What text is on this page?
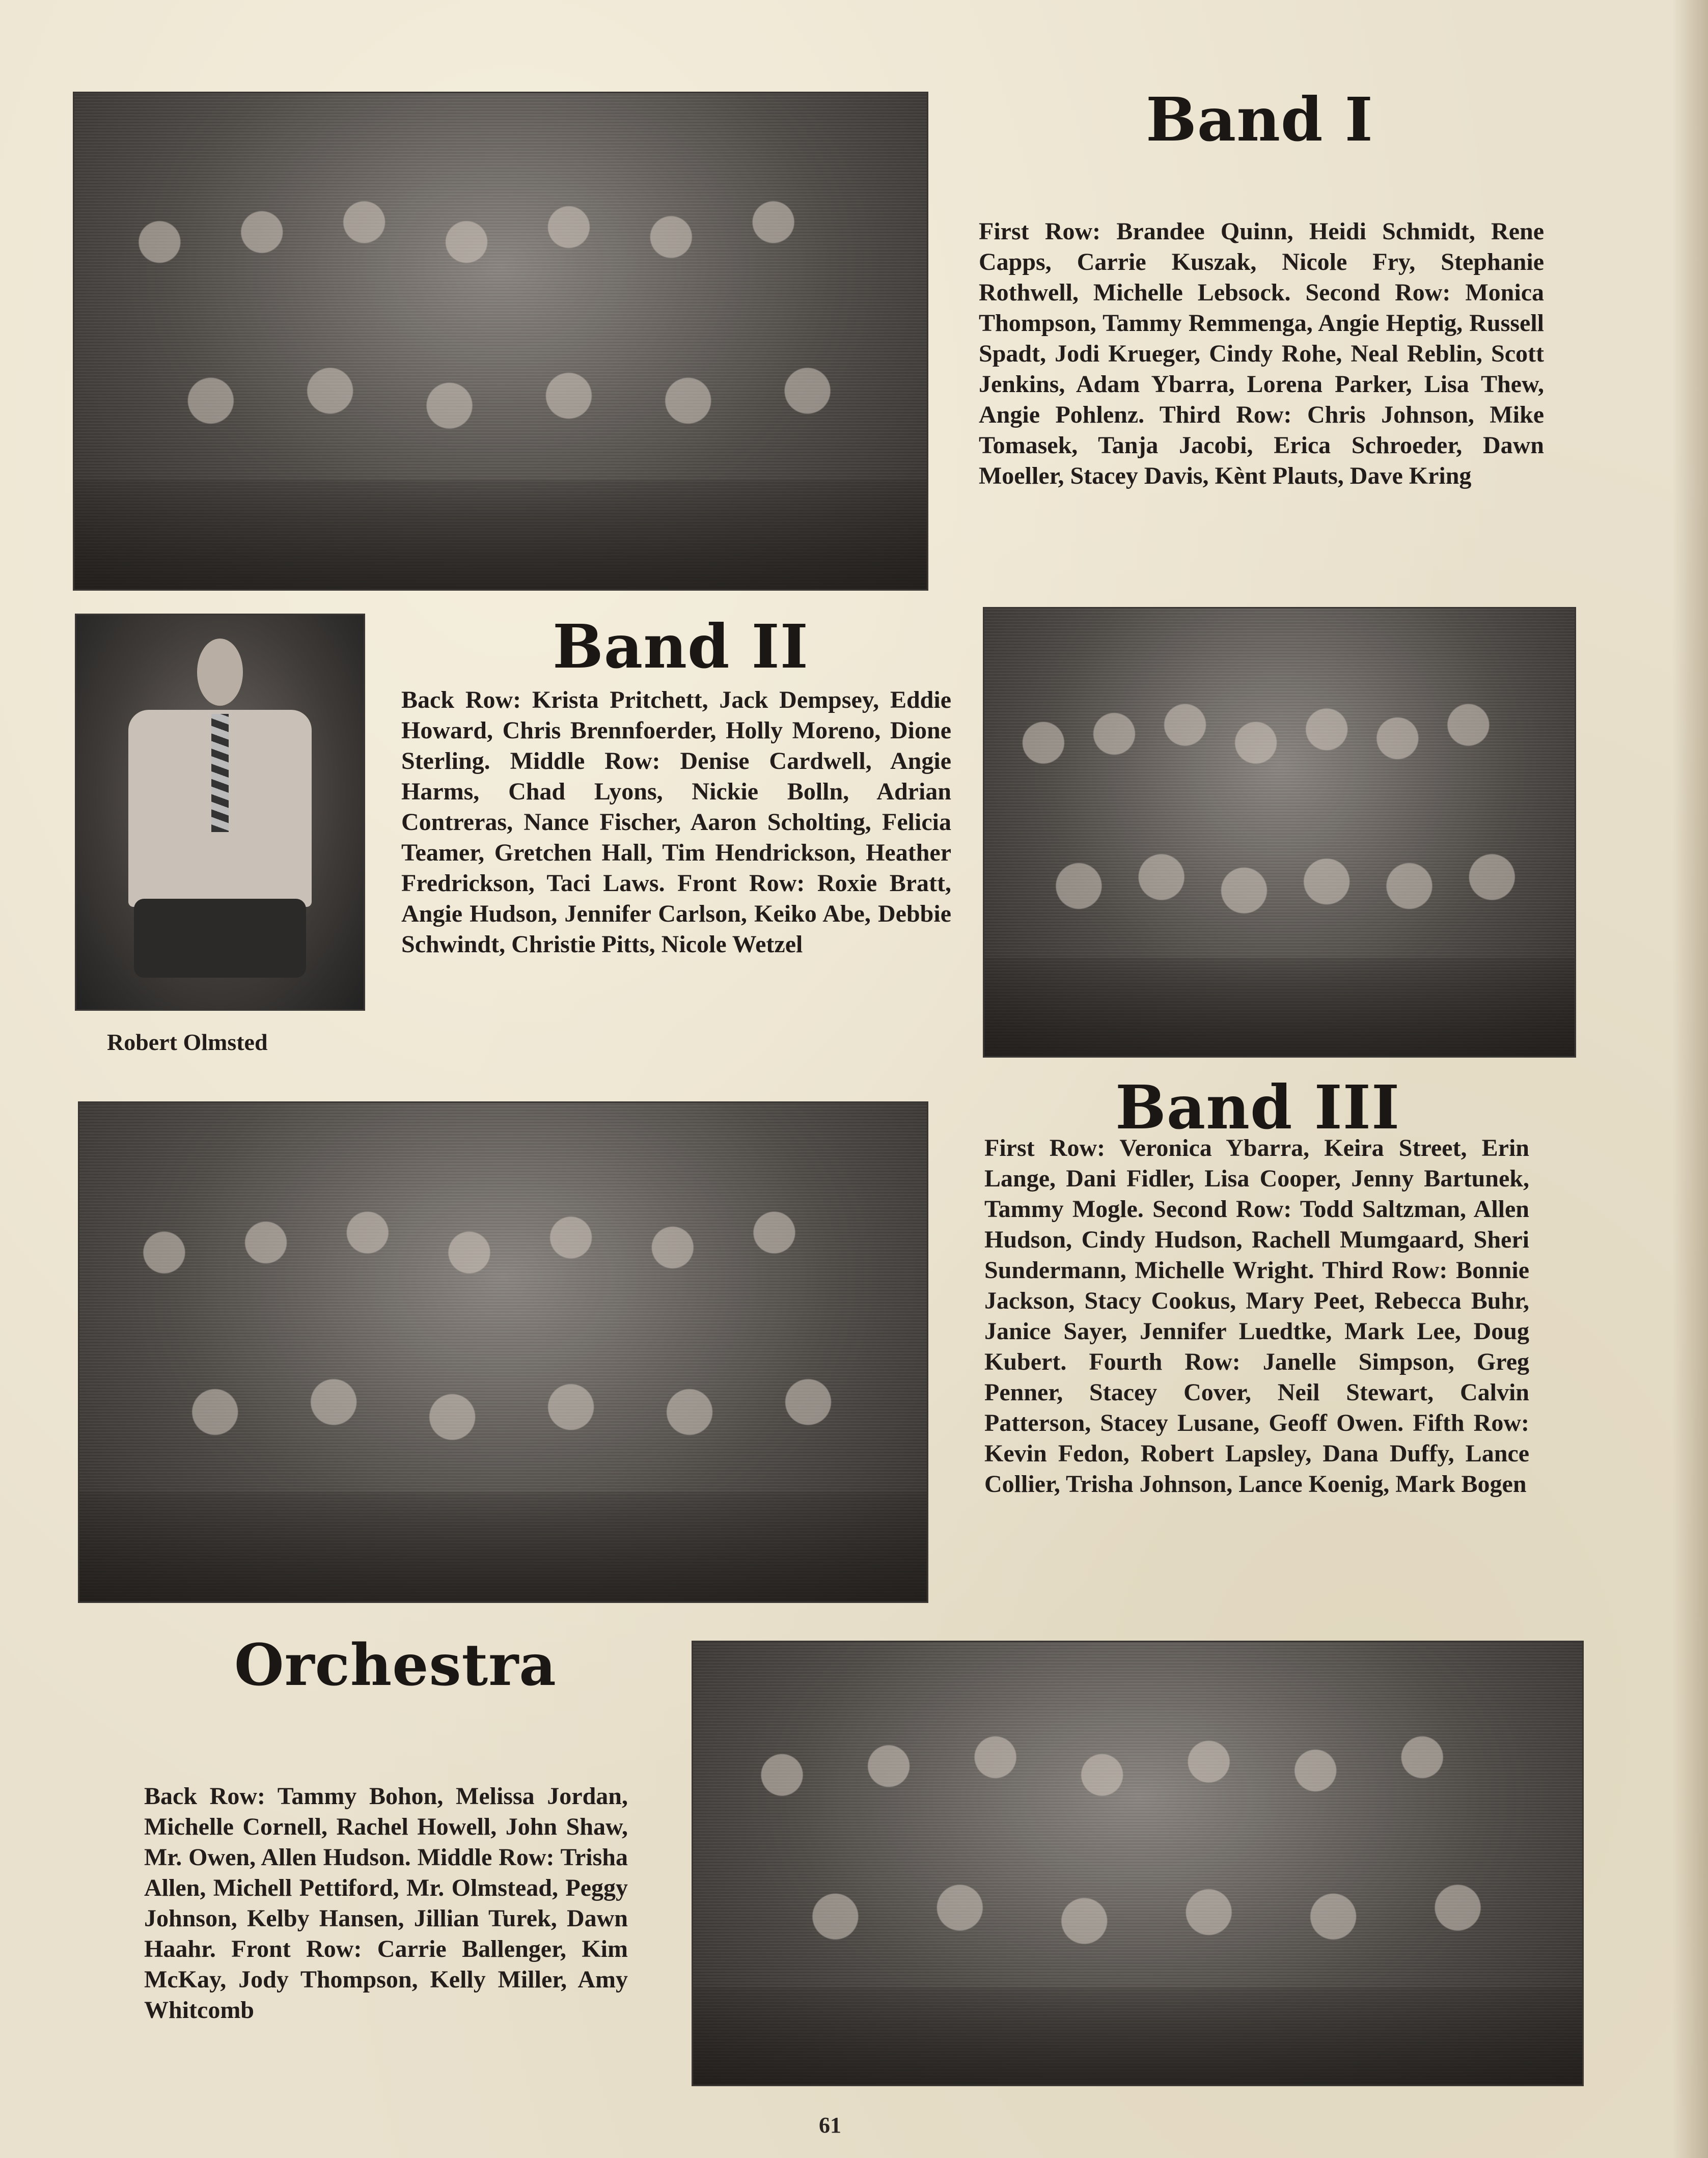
Band I
First Row: Brandee Quinn, Heidi Schmidt, Rene Capps, Carrie Kuszak, Nicole Fry, Stephanie Rothwell, Michelle Lebsock. Second Row: Monica Thompson, Tammy Remmenga, Angie Heptig, Russell Spadt, Jodi Krueger, Cindy Rohe, Neal Reblin, Scott Jenkins, Adam Ybarra, Lorena Parker, Lisa Thew, Angie Pohlenz. Third Row: Chris Johnson, Mike Tomasek, Tanja Jacobi, Erica Schroeder, Dawn Moeller, Stacey Davis, Kènt Plauts, Dave Kring
Robert Olmsted
Band II
Back Row: Krista Pritchett, Jack Dempsey, Eddie Howard, Chris Brennfoerder, Holly Moreno, Dione Sterling. Middle Row: Denise Cardwell, Angie Harms, Chad Lyons, Nickie Bolln, Adrian Contreras, Nance Fischer, Aaron Scholting, Felicia Teamer, Gretchen Hall, Tim Hendrickson, Heather Fredrickson, Taci Laws. Front Row: Roxie Bratt, Angie Hudson, Jennifer Carlson, Keiko Abe, Debbie Schwindt, Christie Pitts, Nicole Wetzel
Band III
First Row: Veronica Ybarra, Keira Street, Erin Lange, Dani Fidler, Lisa Cooper, Jenny Bartunek, Tammy Mogle. Second Row: Todd Saltzman, Allen Hudson, Cindy Hudson, Rachell Mumgaard, Sheri Sundermann, Michelle Wright. Third Row: Bonnie Jackson, Stacy Cookus, Mary Peet, Rebecca Buhr, Janice Sayer, Jennifer Luedtke, Mark Lee, Doug Kubert. Fourth Row: Janelle Simpson, Greg Penner, Stacey Cover, Neil Stewart, Calvin Patterson, Stacey Lusane, Geoff Owen. Fifth Row: Kevin Fedon, Robert Lapsley, Dana Duffy, Lance Collier, Trisha Johnson, Lance Koenig, Mark Bogen
Orchestra
Back Row: Tammy Bohon, Melissa Jordan, Michelle Cornell, Rachel Howell, John Shaw, Mr. Owen, Allen Hudson. Middle Row: Trisha Allen, Michell Pettiford, Mr. Olmstead, Peggy Johnson, Kelby Hansen, Jillian Turek, Dawn Haahr. Front Row: Carrie Ballenger, Kim McKay, Jody Thompson, Kelly Miller, Amy Whitcomb
61
